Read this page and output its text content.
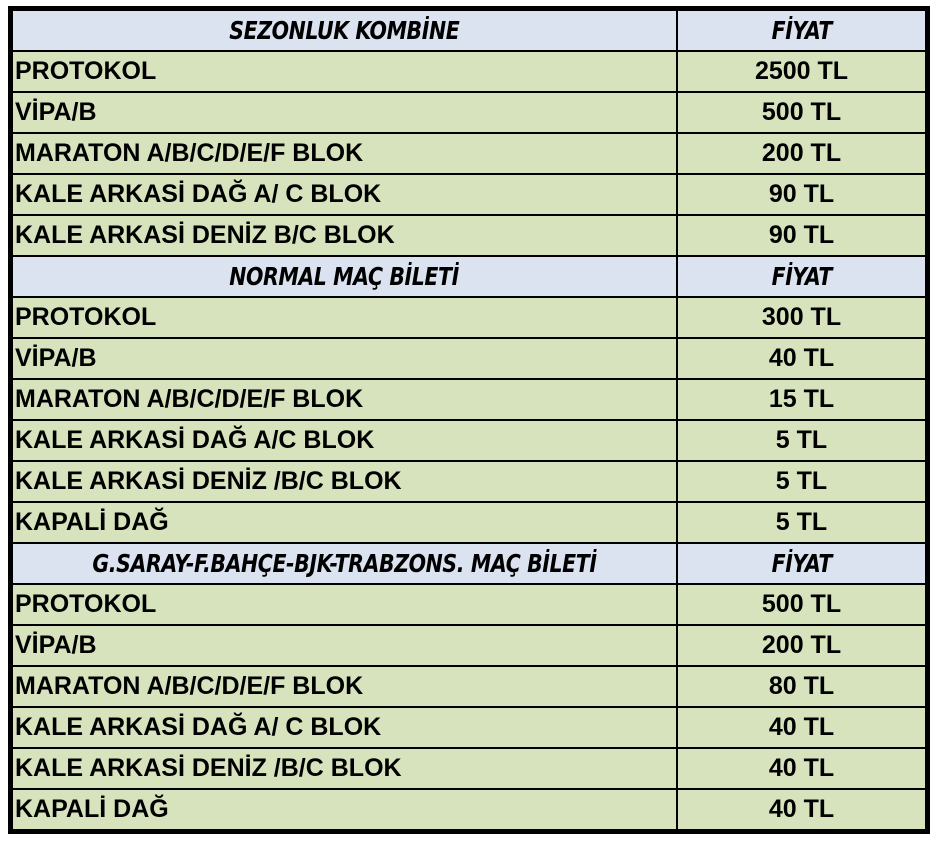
SEZONLUK KOMBİNE	FİYAT
PROTOKOL	2500 TL
VİPA/B	500 TL
MARATON A/B/C/D/E/F BLOK	200 TL
KALE ARKASİ DAĞ A/ C BLOK	90 TL
KALE ARKASİ DENİZ B/C BLOK	90 TL
NORMAL MAÇ BİLETİ	FİYAT
PROTOKOL	300 TL
VİPA/B	40 TL
MARATON A/B/C/D/E/F BLOK	15 TL
KALE ARKASİ DAĞ A/C BLOK	5 TL
KALE ARKASİ DENİZ /B/C BLOK	5 TL
KAPALİ DAĞ	5 TL
G.SARAY-F.BAHÇE-BJK-TRABZONS. MAÇ BİLETİ	FİYAT
PROTOKOL	500 TL
VİPA/B	200 TL
MARATON A/B/C/D/E/F BLOK	80 TL
KALE ARKASİ DAĞ A/ C BLOK	40 TL
KALE ARKASİ DENİZ /B/C BLOK	40 TL
KAPALİ DAĞ	40 TL
